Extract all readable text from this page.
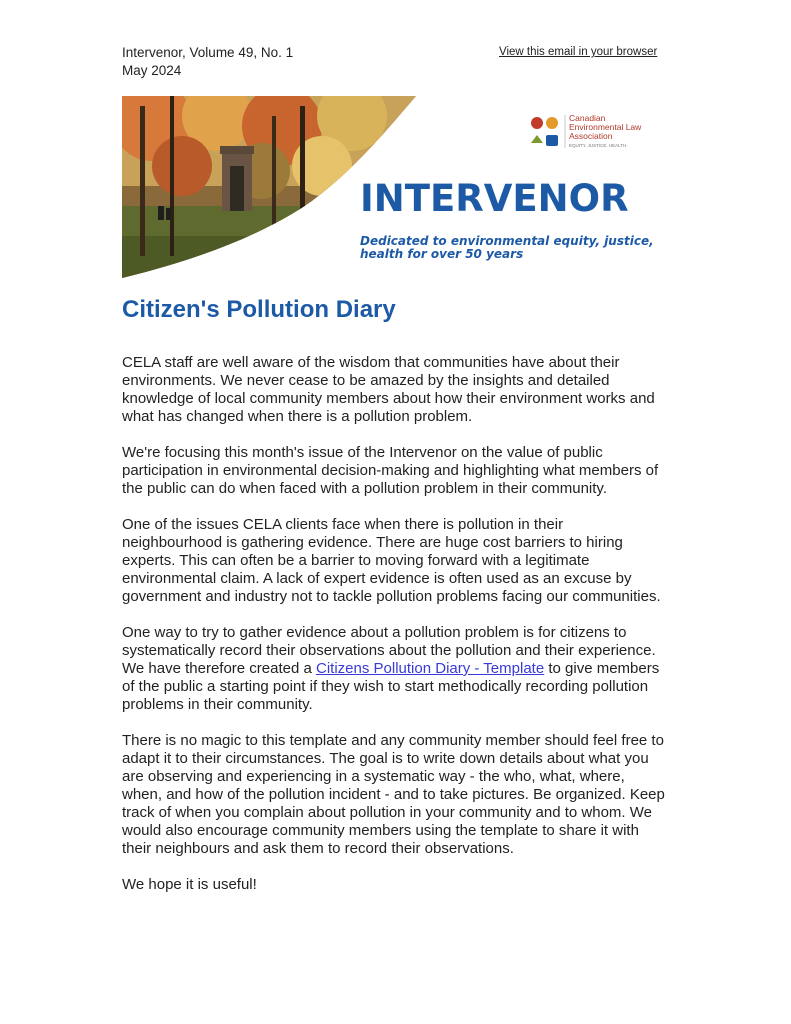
Intervenor, Volume 49, No. 1
May 2024
View this email in your browser
Canadian
Environmental Law
Association
EQUITY. JUSTICE. HEALTH.
INTERVENOR
Dedicated to environmental equity, justice,
health for over 50 years
Citizen's Pollution Diary

CELA staff are well aware of the wisdom that communities have about their environments. We never cease to be amazed by the insights and detailed knowledge of local community members about how their environment works and what has changed when there is a pollution problem.

We're focusing this month's issue of the Intervenor on the value of public participation in environmental decision-making and highlighting what members of the public can do when faced with a pollution problem in their community.

One of the issues CELA clients face when there is pollution in their neighbourhood is gathering evidence. There are huge cost barriers to hiring experts. This can often be a barrier to moving forward with a legitimate environmental claim. A lack of expert evidence is often used as an excuse by government and industry not to tackle pollution problems facing our communities.

One way to try to gather evidence about a pollution problem is for citizens to systematically record their observations about the pollution and their experience. We have therefore created a Citizens Pollution Diary - Template to give members of the public a starting point if they wish to start methodically recording pollution problems in their community.

There is no magic to this template and any community member should feel free to adapt it to their circumstances. The goal is to write down details about what you are observing and experiencing in a systematic way - the who, what, where, when, and how of the pollution incident - and to take pictures. Be organized. Keep track of when you complain about pollution in your community and to whom. We would also encourage community members using the template to share it with their neighbours and ask them to record their observations.

We hope it is useful!
